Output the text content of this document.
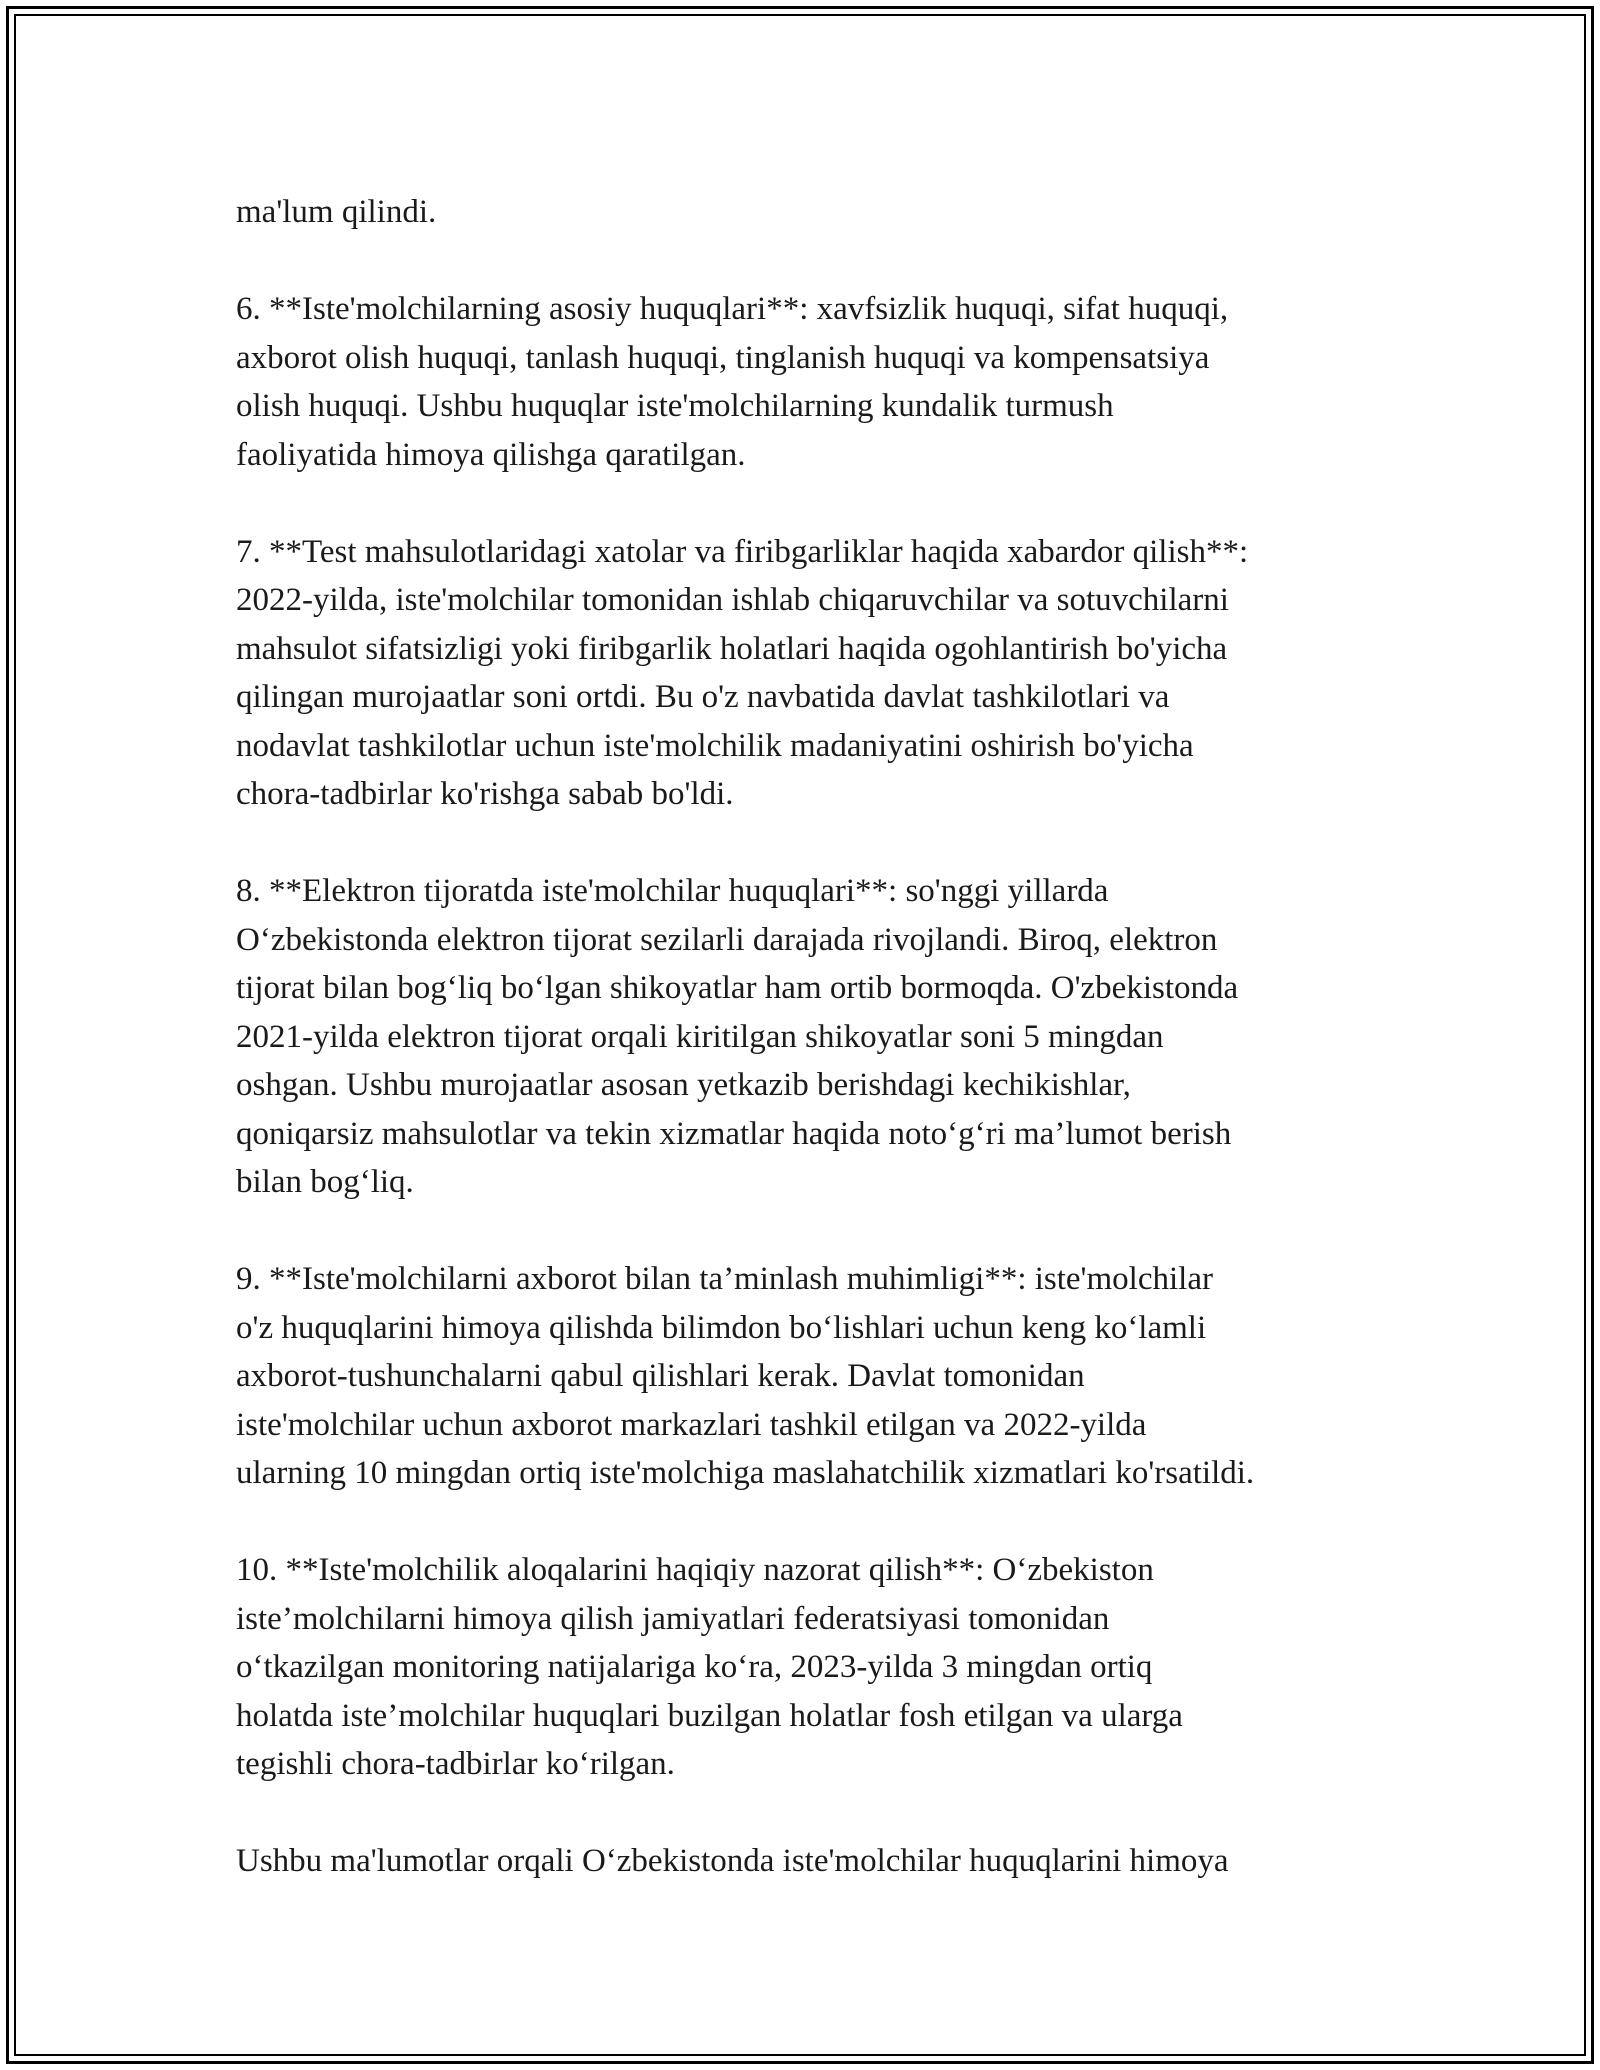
ma'lum qilindi.

6. **Iste'molchilarning asosiy huquqlari**: xavfsizlik huquqi, sifat huquqi,
axborot olish huquqi, tanlash huquqi, tinglanish huquqi va kompensatsiya
olish huquqi. Ushbu huquqlar iste'molchilarning kundalik turmush
faoliyatida himoya qilishga qaratilgan.

7. **Test mahsulotlaridagi xatolar va firibgarliklar haqida xabardor qilish**:
2022-yilda, iste'molchilar tomonidan ishlab chiqaruvchilar va sotuvchilarni
mahsulot sifatsizligi yoki firibgarlik holatlari haqida ogohlantirish bo'yicha
qilingan murojaatlar soni ortdi. Bu o'z navbatida davlat tashkilotlari va
nodavlat tashkilotlar uchun iste'molchilik madaniyatini oshirish bo'yicha
chora-tadbirlar ko'rishga sabab bo'ldi.

8. **Elektron tijoratda iste'molchilar huquqlari**: so'nggi yillarda
O‘zbekistonda elektron tijorat sezilarli darajada rivojlandi. Biroq, elektron
tijorat bilan bog‘liq bo‘lgan shikoyatlar ham ortib bormoqda. O'zbekistonda
2021-yilda elektron tijorat orqali kiritilgan shikoyatlar soni 5 mingdan
oshgan. Ushbu murojaatlar asosan yetkazib berishdagi kechikishlar,
qoniqarsiz mahsulotlar va tekin xizmatlar haqida noto‘g‘ri ma’lumot berish
bilan bog‘liq.

9. **Iste'molchilarni axborot bilan ta’minlash muhimligi**: iste'molchilar
o'z huquqlarini himoya qilishda bilimdon bo‘lishlari uchun keng ko‘lamli
axborot-tushunchalarni qabul qilishlari kerak. Davlat tomonidan
iste'molchilar uchun axborot markazlari tashkil etilgan va 2022-yilda
ularning 10 mingdan ortiq iste'molchiga maslahatchilik xizmatlari ko'rsatildi.

10. **Iste'molchilik aloqalarini haqiqiy nazorat qilish**: O‘zbekiston
iste’molchilarni himoya qilish jamiyatlari federatsiyasi tomonidan
o‘tkazilgan monitoring natijalariga ko‘ra, 2023-yilda 3 mingdan ortiq
holatda iste’molchilar huquqlari buzilgan holatlar fosh etilgan va ularga
tegishli chora-tadbirlar ko‘rilgan.

Ushbu ma'lumotlar orqali O‘zbekistonda iste'molchilar huquqlarini himoya
